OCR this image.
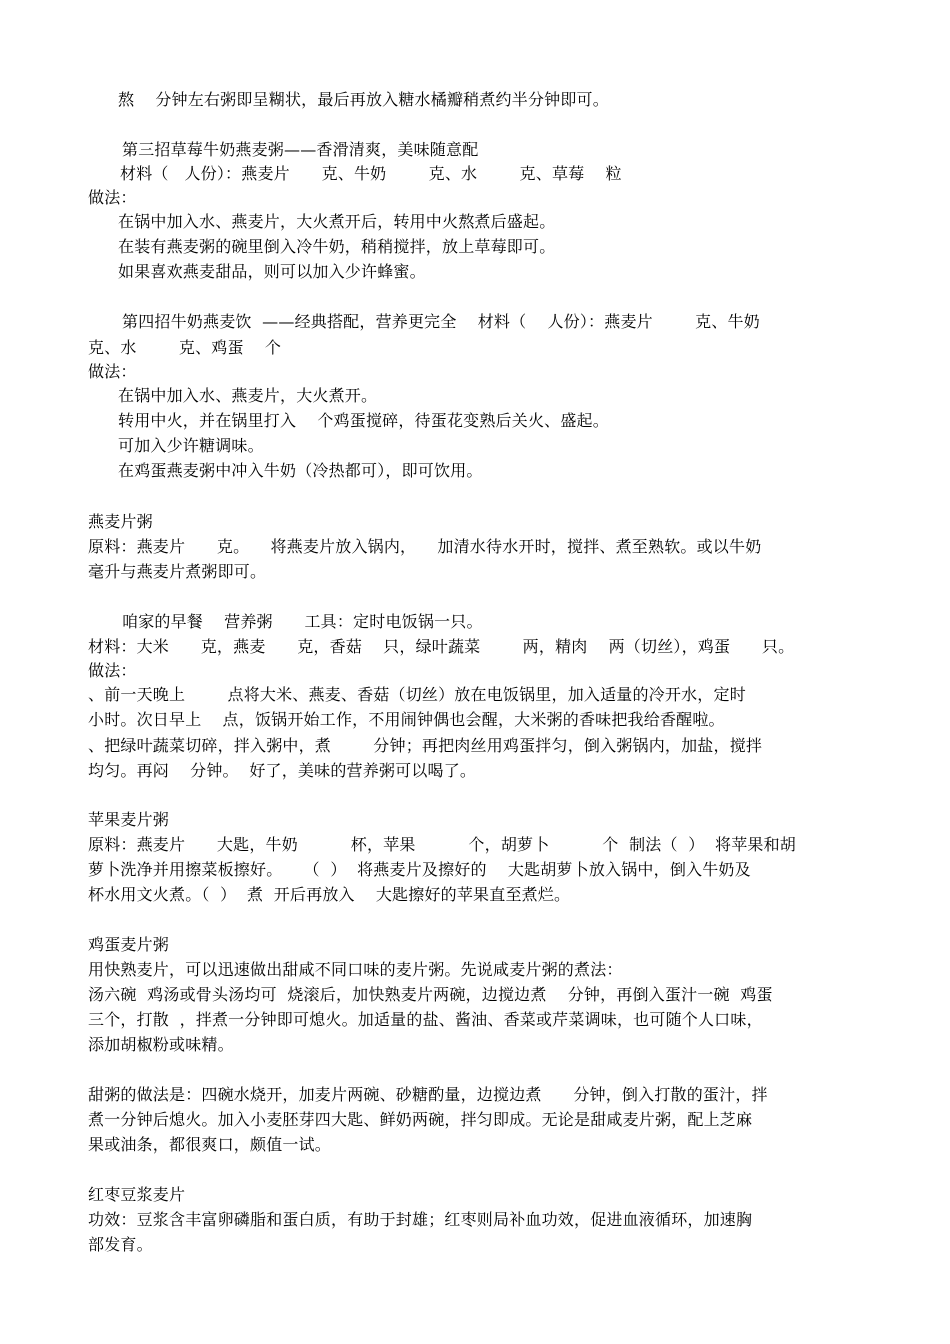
熬    分钟左右粥即呈糊状，最后再放入糖水橘瓣稍煮约半分钟即可。
第三招草莓牛奶燕麦粥——香滑清爽，美味随意配
材料（   人份）：燕麦片      克、牛奶        克、水        克、草莓    粒
做法：
在锅中加入水、燕麦片，大火煮开后，转用中火熬煮后盛起。
在装有燕麦粥的碗里倒入冷牛奶，稍稍搅拌，放上草莓即可。
如果喜欢燕麦甜品，则可以加入少许蜂蜜。
第四招牛奶燕麦饮  ——经典搭配，营养更完全    材料（    人份）：燕麦片        克、牛奶
克、水        克、鸡蛋    个
做法：
在锅中加入水、燕麦片，大火煮开。
转用中火，并在锅里打入    个鸡蛋搅碎，待蛋花变熟后关火、盛起。
可加入少许糖调味。
在鸡蛋燕麦粥中冲入牛奶（冷热都可），即可饮用。
燕麦片粥
原料：燕麦片      克。    将燕麦片放入锅内，    加清水待水开时，搅拌、煮至熟软。或以牛奶
毫升与燕麦片煮粥即可。
咱家的早餐    营养粥      工具：定时电饭锅一只。
材料：大米      克，燕麦      克，香菇    只，绿叶蔬菜        两，精肉    两（切丝），鸡蛋      只。
做法：
、前一天晚上        点将大米、燕麦、香菇（切丝）放在电饭锅里，加入适量的冷开水，定时
小时。次日早上    点，饭锅开始工作，不用闹钟偶也会醒，大米粥的香味把我给香醒啦。
、把绿叶蔬菜切碎，拌入粥中，煮        分钟；再把肉丝用鸡蛋拌匀，倒入粥锅内，加盐，搅拌
均匀。再闷    分钟。  好了，美味的营养粥可以喝了。
苹果麦片粥
原料：燕麦片      大匙，牛奶          杯，苹果          个，胡萝卜          个  制法（  ）  将苹果和胡
萝卜洗净并用擦菜板擦好。    （  ）  将燕麦片及擦好的    大匙胡萝卜放入锅中，倒入牛奶及
杯水用文火煮。（  ）  煮  开后再放入    大匙擦好的苹果直至煮烂。
鸡蛋麦片粥
用快熟麦片，可以迅速做出甜咸不同口味的麦片粥。先说咸麦片粥的煮法：
汤六碗  鸡汤或骨头汤均可  烧滚后，加快熟麦片两碗，边搅边煮    分钟，再倒入蛋汁一碗  鸡蛋
三个，打散  ，拌煮一分钟即可熄火。加适量的盐、酱油、香菜或芹菜调味，也可随个人口味，
添加胡椒粉或味精。
甜粥的做法是：四碗水烧开，加麦片两碗、砂糖酌量，边搅边煮      分钟，倒入打散的蛋汁，拌
煮一分钟后熄火。加入小麦胚芽四大匙、鲜奶两碗，拌匀即成。无论是甜咸麦片粥，配上芝麻
果或油条，都很爽口，颇值一试。
红枣豆浆麦片
功效：豆浆含丰富卵磷脂和蛋白质，有助于封雄；红枣则局补血功效，促进血液循环，加速胸
部发育。
